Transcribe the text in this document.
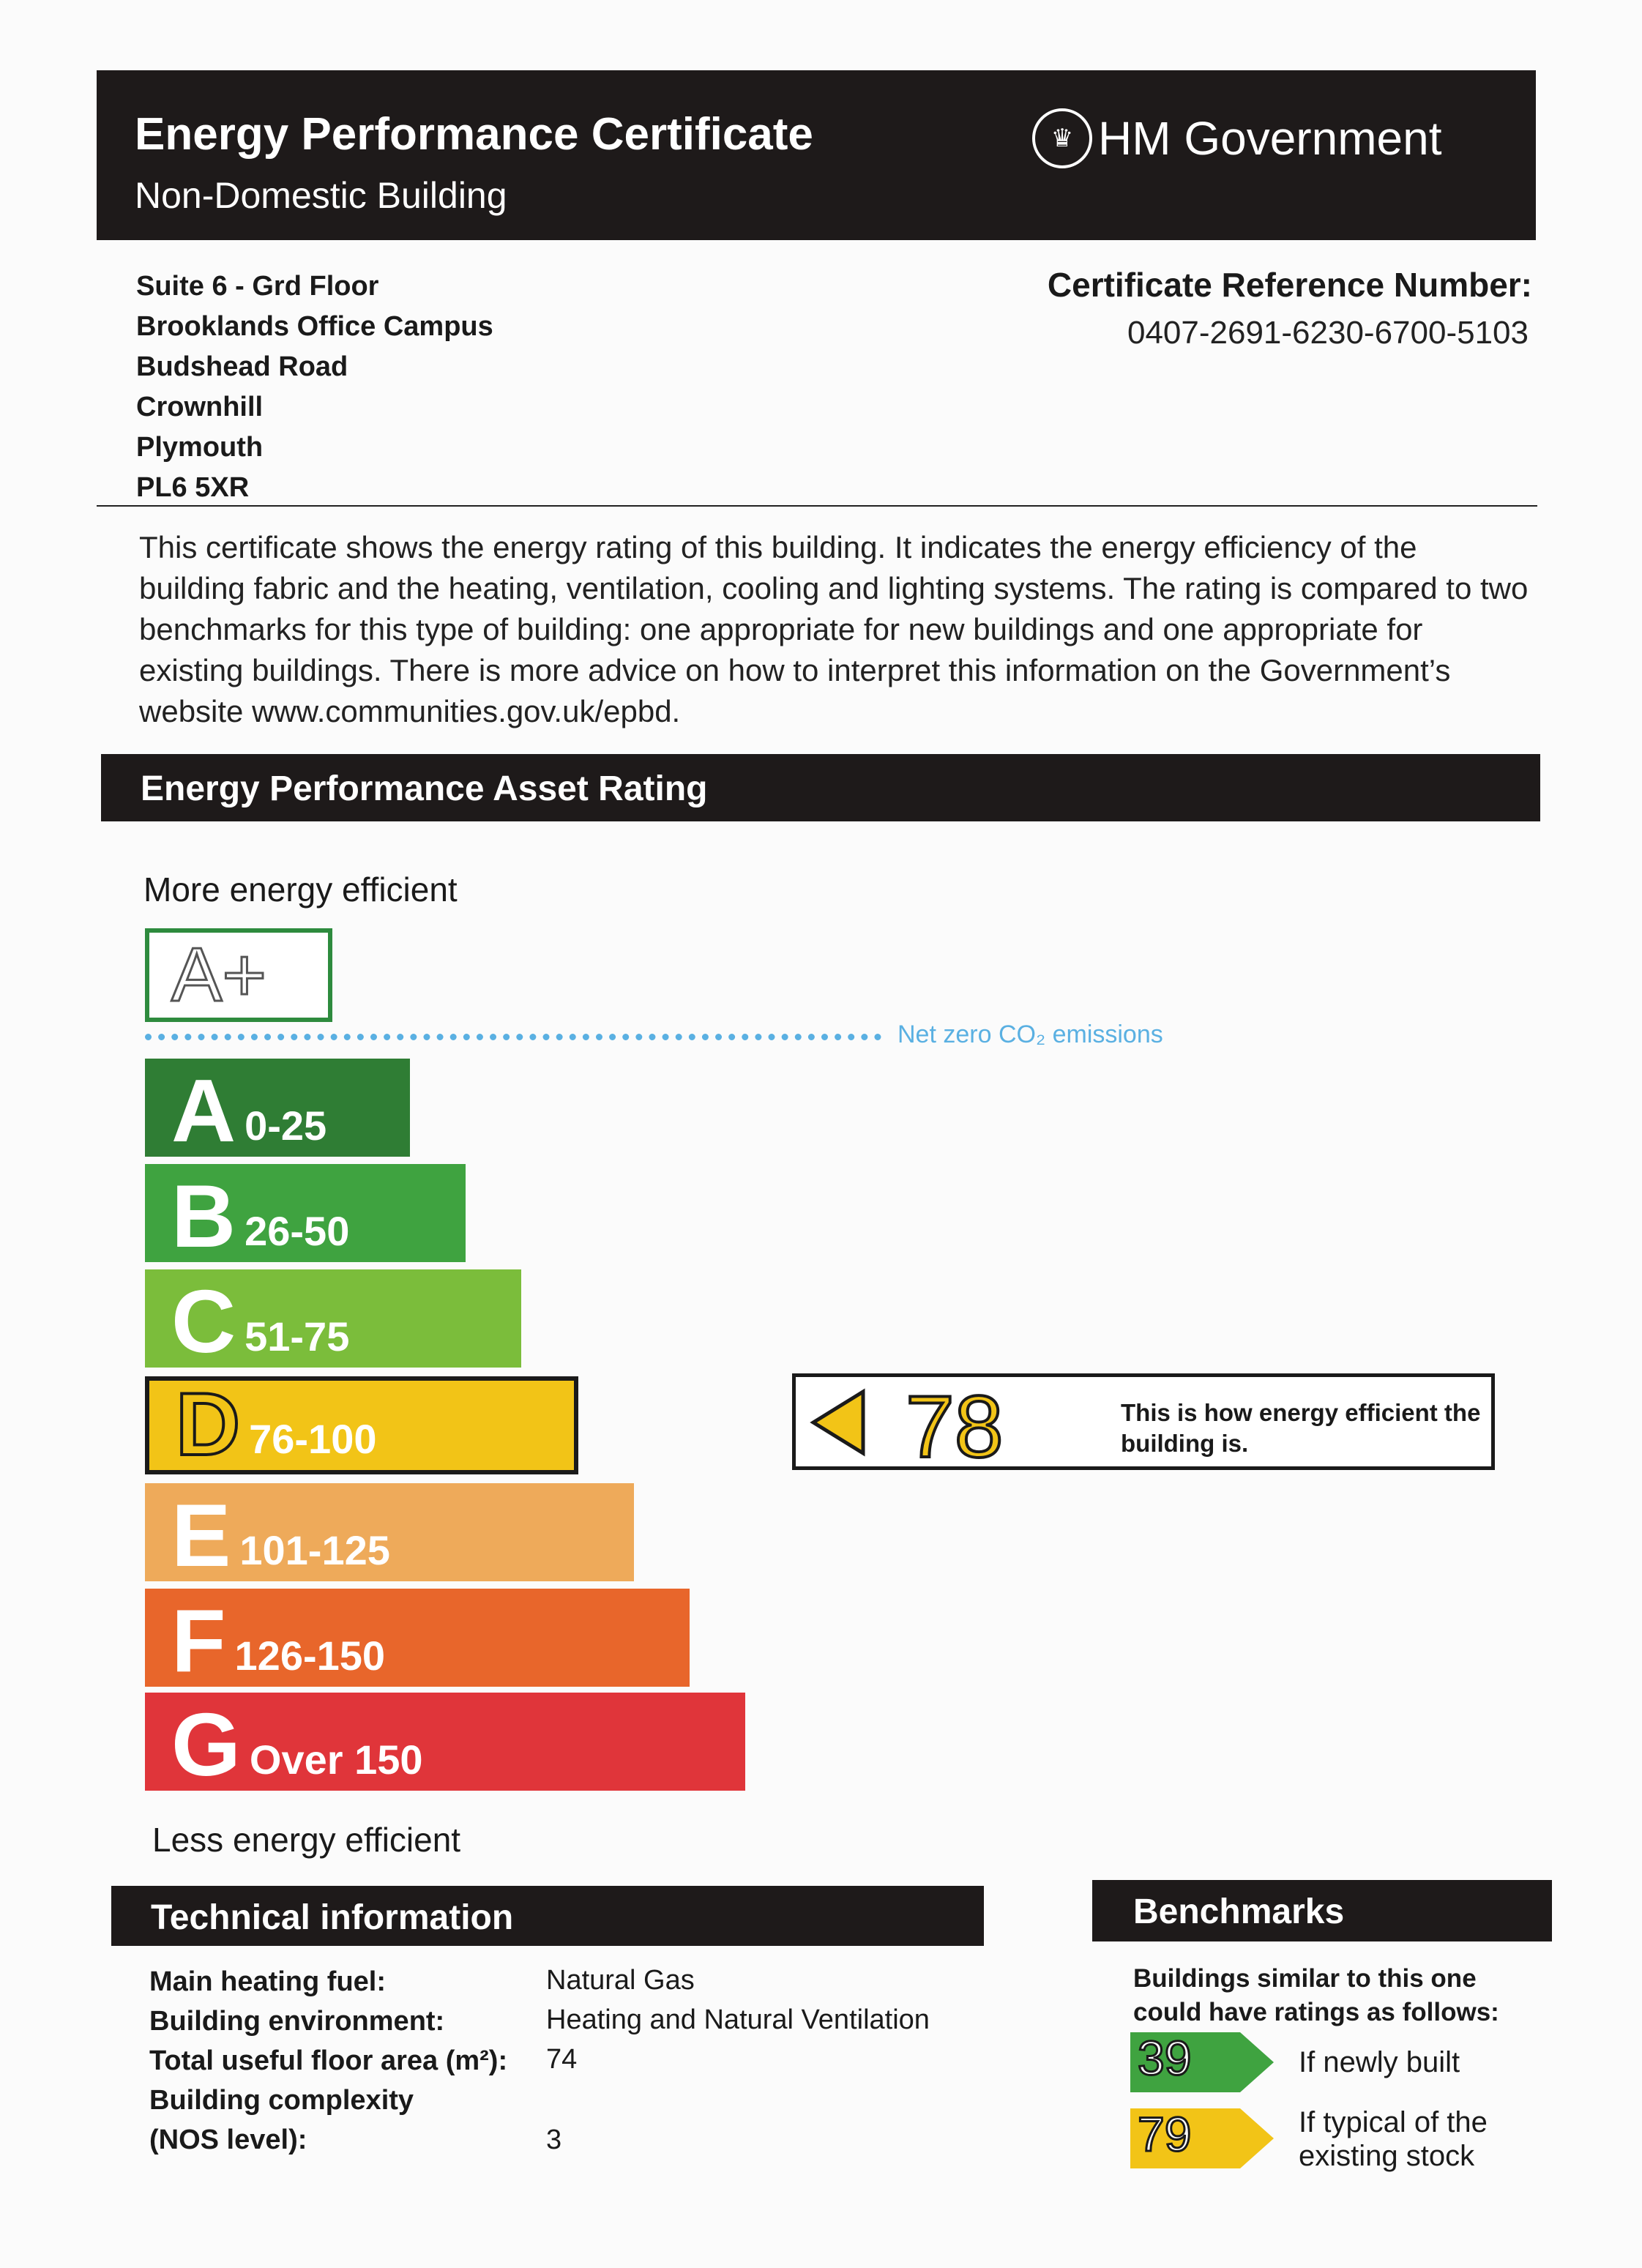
Energy Performance Certificate
Non-Domestic Building
♛ HM Government
Suite 6 - Grd Floor
Brooklands Office Campus
Budshead Road
Crownhill
Plymouth
PL6 5XR
Certificate Reference Number:
0407-2691-6230-6700-5103
This certificate shows the energy rating of this building. It indicates the energy efficiency of the building fabric and the heating, ventilation, cooling and lighting systems. The rating is compared to two benchmarks for this type of building: one appropriate for new buildings and one appropriate for existing buildings. There is more advice on how to interpret this information on the Government’s website www.communities.gov.uk/epbd.
Energy Performance Asset Rating
More energy efficient
A+
Net zero CO₂ emissions
A 0-25
B 26-50
C 51-75
D 76-100
E 101-125
F 126-150
G Over 150
78	This is how energy efficient the building is.
Less energy efficient
Technical information
Main heating fuel:	Natural Gas
Building environment:	Heating and Natural Ventilation
Total useful floor area (m²): 74
Building complexity
(NOS level):	3
Benchmarks
Buildings similar to this one could have ratings as follows:
39	If newly built
79	If typical of the existing stock
